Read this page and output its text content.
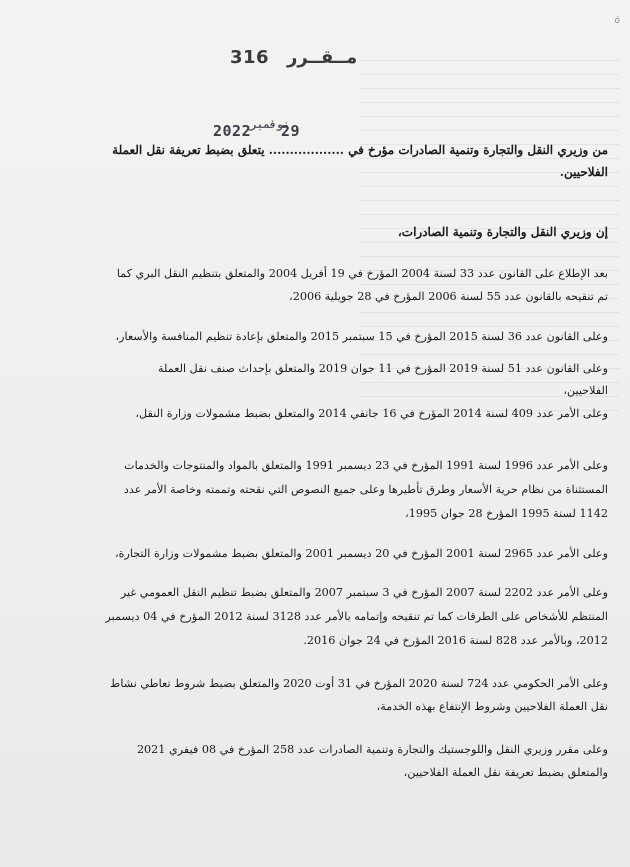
ó
316 مــقــرر
2022
نوفمبر
29
من وزيري النقل والتجارة وتنمية الصادرات مؤرخ في .................. يتعلق بضبط تعريفة نقل العملة
الفلاحيين.
إن وزيري النقل والتجارة وتنمية الصادرات،
بعد الإطلاع على القانون عدد 33 لسنة 2004 المؤرخ في 19 أفريل 2004 والمتعلق بتنظيم النقل البري كما
تم تنقيحه بالقانون عدد 55 لسنة 2006 المؤرخ في 28 جويلية 2006،
وعلى القانون عدد 36 لسنة 2015 المؤرخ في 15 سبتمبر 2015 والمتعلق بإعادة تنظيم المنافسة والأسعار،
وعلى القانون عدد 51 لسنة 2019 المؤرخ في 11 جوان 2019 والمتعلق بإحداث صنف نقل العملة
الفلاحيين،
وعلى الأمر عدد 409 لسنة 2014 المؤرخ في 16 جانفي 2014 والمتعلق بضبط مشمولات وزارة النقل،
وعلى الأمر عدد 1996 لسنة 1991 المؤرخ في 23 ديسمبر 1991 والمتعلق بالمواد والمنتوجات والخدمات
المستثناة من نظام حرية الأسعار وطرق تأطيرها وعلى جميع النصوص التي نقحته وتممته وخاصة الأمر عدد
1142 لسنة 1995 المؤرخ 28 جوان 1995،
وعلى الأمر عدد 2965 لسنة 2001 المؤرخ في 20 ديسمبر 2001 والمتعلق بضبط مشمولات وزارة التجارة،
وعلى الأمر عدد 2202 لسنة 2007 المؤرخ في 3 سبتمبر 2007 والمتعلق بضبط تنظيم النقل العمومي غير
المنتظم للأشخاص على الطرقات كما تم تنقيحه وإتمامه بالأمر عدد 3128 لسنة 2012 المؤرخ في 04 ديسمبر
2012، وبالأمر عدد 828 لسنة 2016 المؤرخ في 24 جوان 2016.
وعلى الأمر الحكومي عدد 724 لسنة 2020 المؤرخ في 31 أوت 2020 والمتعلق بضبط شروط تعاطي نشاط
نقل العملة الفلاحيين وشروط الإنتفاع بهذه الخدمة،
وعلى مقرر وزيري النقل واللوجستيك والتجارة وتنمية الصادرات عدد 258 المؤرخ في 08 فيفري 2021
والمتعلق بضبط تعريفة نقل العملة الفلاحيين،
